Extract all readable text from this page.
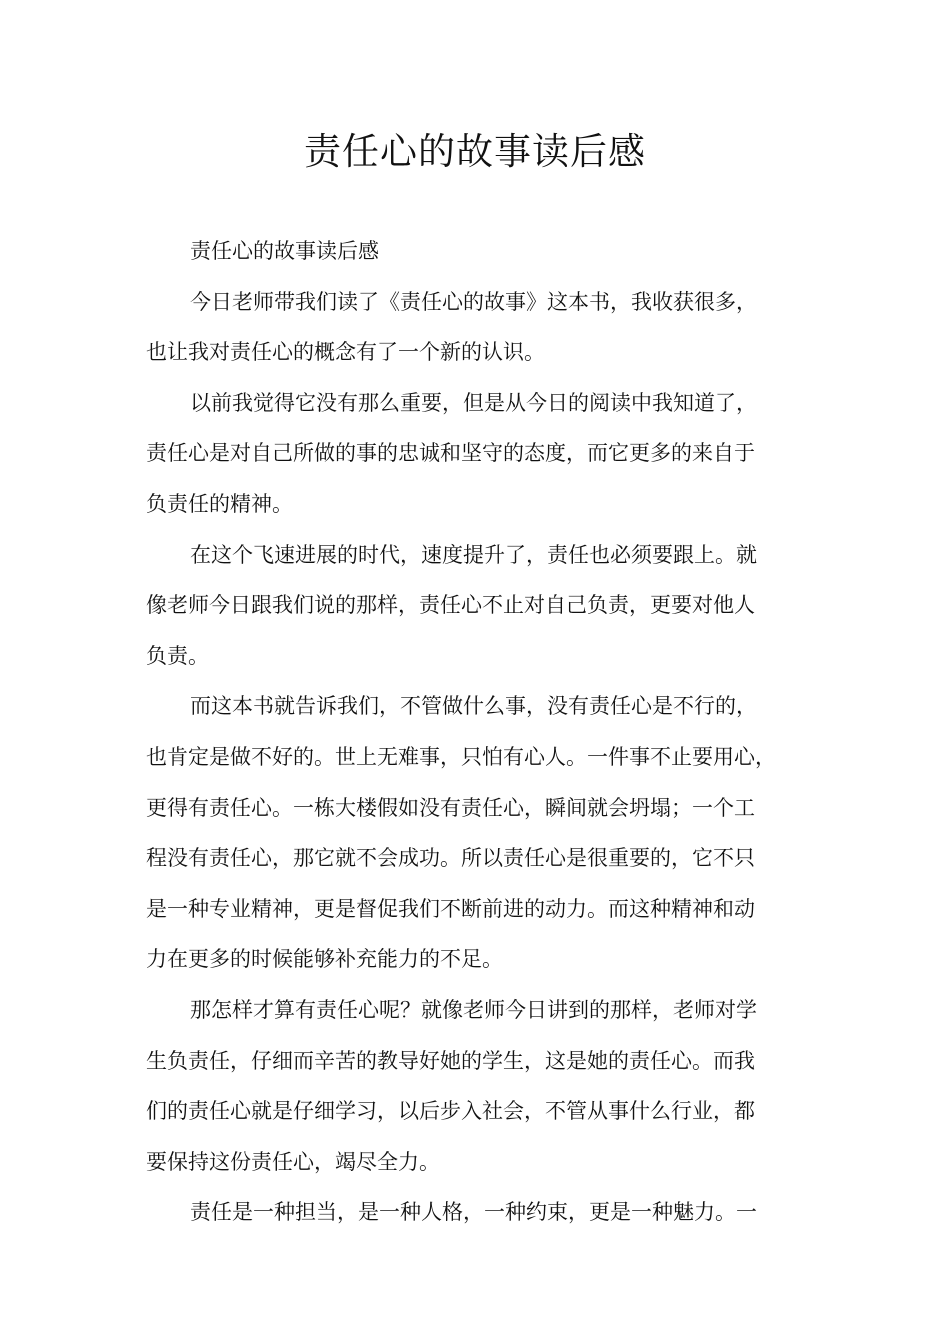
责任心的故事读后感

责任心的故事读后感

今日老师带我们读了《责任心的故事》这本书，我收获很多，
也让我对责任心的概念有了一个新的认识。

以前我觉得它没有那么重要，但是从今日的阅读中我知道了，
责任心是对自己所做的事的忠诚和坚守的态度，而它更多的来自于
负责任的精神。

在这个飞速进展的时代，速度提升了，责任也必须要跟上。就
像老师今日跟我们说的那样，责任心不止对自己负责，更要对他人
负责。

而这本书就告诉我们，不管做什么事，没有责任心是不行的，
也肯定是做不好的。世上无难事，只怕有心人。一件事不止要用心，
更得有责任心。一栋大楼假如没有责任心，瞬间就会坍塌；一个工
程没有责任心，那它就不会成功。所以责任心是很重要的，它不只
是一种专业精神，更是督促我们不断前进的动力。而这种精神和动
力在更多的时候能够补充能力的不足。

那怎样才算有责任心呢？就像老师今日讲到的那样，老师对学
生负责任，仔细而辛苦的教导好她的学生，这是她的责任心。而我
们的责任心就是仔细学习，以后步入社会，不管从事什么行业，都
要保持这份责任心，竭尽全力。

责任是一种担当，是一种人格，一种约束，更是一种魅力。一
